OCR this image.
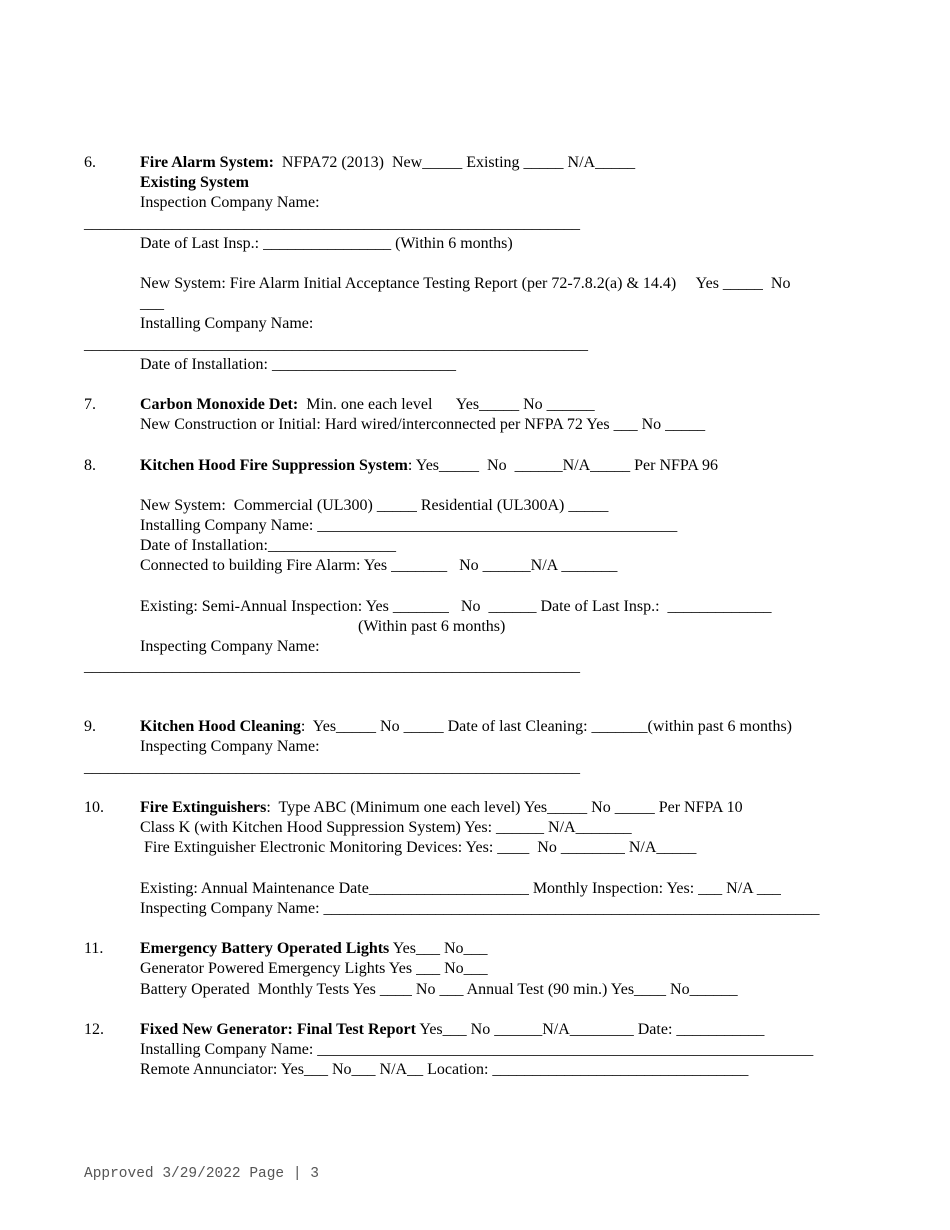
6.	Fire Alarm System:  NFPA72 (2013)  New_____ Existing _____ N/A_____
Existing System
Inspection Company Name:
______________________________________________________________
Date of Last Insp.: ________________ (Within 6 months)
New System: Fire Alarm Initial Acceptance Testing Report (per 72-7.8.2(a) & 14.4)     Yes _____  No
___
Installing Company Name:
_______________________________________________________________
Date of Installation: _______________________
7.	Carbon Monoxide Det:  Min. one each level      Yes_____ No ______
New Construction or Initial: Hard wired/interconnected per NFPA 72 Yes ___ No _____
8.	Kitchen Hood Fire Suppression System: Yes_____  No  ______N/A_____ Per NFPA 96
New System:  Commercial (UL300) _____ Residential (UL300A) _____
Installing Company Name: _____________________________________________
Date of Installation:________________
Connected to building Fire Alarm: Yes _______   No ______N/A _______
Existing: Semi-Annual Inspection: Yes _______   No  ______ Date of Last Insp.:  _____________
(Within past 6 months)
Inspecting Company Name:
______________________________________________________________
9.	Kitchen Hood Cleaning:  Yes_____ No _____ Date of last Cleaning: _______(within past 6 months)
Inspecting Company Name:
______________________________________________________________
10. Fire Extinguishers:  Type ABC (Minimum one each level) Yes_____ No _____ Per NFPA 10
Class K (with Kitchen Hood Suppression System) Yes: ______ N/A_______
Fire Extinguisher Electronic Monitoring Devices: Yes: ____  No ________ N/A_____
Existing: Annual Maintenance Date____________________ Monthly Inspection: Yes: ___ N/A ___
Inspecting Company Name: ______________________________________________________________
11. Emergency Battery Operated Lights Yes___ No___
Generator Powered Emergency Lights Yes ___ No___
Battery Operated  Monthly Tests Yes ____ No ___ Annual Test (90 min.) Yes____ No______
12. Fixed New Generator: Final Test Report Yes___ No ______N/A________ Date: ___________
Installing Company Name: ______________________________________________________________
Remote Annunciator: Yes___ No___ N/A__ Location: ________________________________
Approved 3/29/2022 Page | 3
